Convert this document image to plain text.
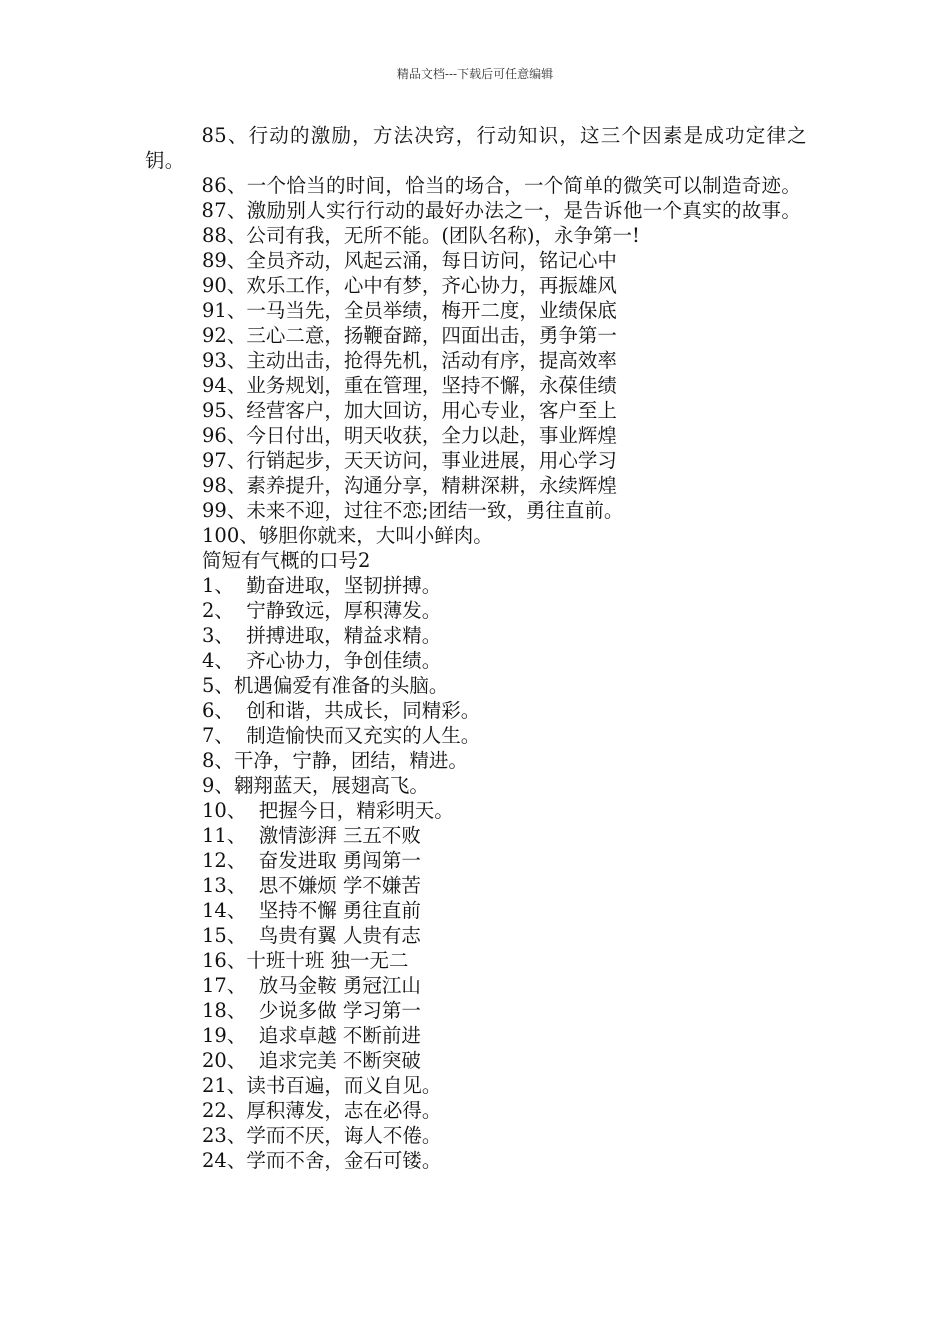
精品文档---下载后可任意编辑

85、行动的激励，方法决窍，行动知识，这三个因素是成功定律之钥。

86、一个恰当的时间，恰当的场合，一个简单的微笑可以制造奇迹。

87、激励别人实行行动的最好办法之一，是告诉他一个真实的故事。

88、公司有我，无所不能。(团队名称)，永争第一!

89、全员齐动，风起云涌，每日访问，铭记心中

90、欢乐工作，心中有梦，齐心协力，再振雄风

91、一马当先，全员举绩，梅开二度，业绩保底

92、三心二意，扬鞭奋蹄，四面出击，勇争第一

93、主动出击，抢得先机，活动有序，提高效率

94、业务规划，重在管理，坚持不懈，永葆佳绩

95、经营客户，加大回访，用心专业，客户至上

96、今日付出，明天收获，全力以赴，事业辉煌

97、行销起步，天天访问，事业进展，用心学习

98、素养提升，沟通分享，精耕深耕，永续辉煌

99、未来不迎，过往不恋;团结一致，勇往直前。

100、够胆你就来，大叫小鲜肉。

简短有气概的口号2

1、  勤奋进取，坚韧拼搏。

2、  宁静致远，厚积薄发。

3、  拼搏进取，精益求精。

4、  齐心协力，争创佳绩。

5、机遇偏爱有准备的头脑。

6、  创和谐，共成长，同精彩。

7、  制造愉快而又充实的人生。

8、干净，宁静，团结，精进。

9、翱翔蓝天，展翅高飞。

10、  把握今日，精彩明天。

11、  激情澎湃 三五不败

12、  奋发进取 勇闯第一

13、  思不嫌烦 学不嫌苦

14、  坚持不懈 勇往直前

15、  鸟贵有翼 人贵有志

16、十班十班 独一无二

17、  放马金鞍 勇冠江山

18、  少说多做 学习第一

19、  追求卓越 不断前进

20、  追求完美 不断突破

21、读书百遍，而义自见。

22、厚积薄发，志在必得。

23、学而不厌，诲人不倦。

24、学而不舍，金石可镂。
